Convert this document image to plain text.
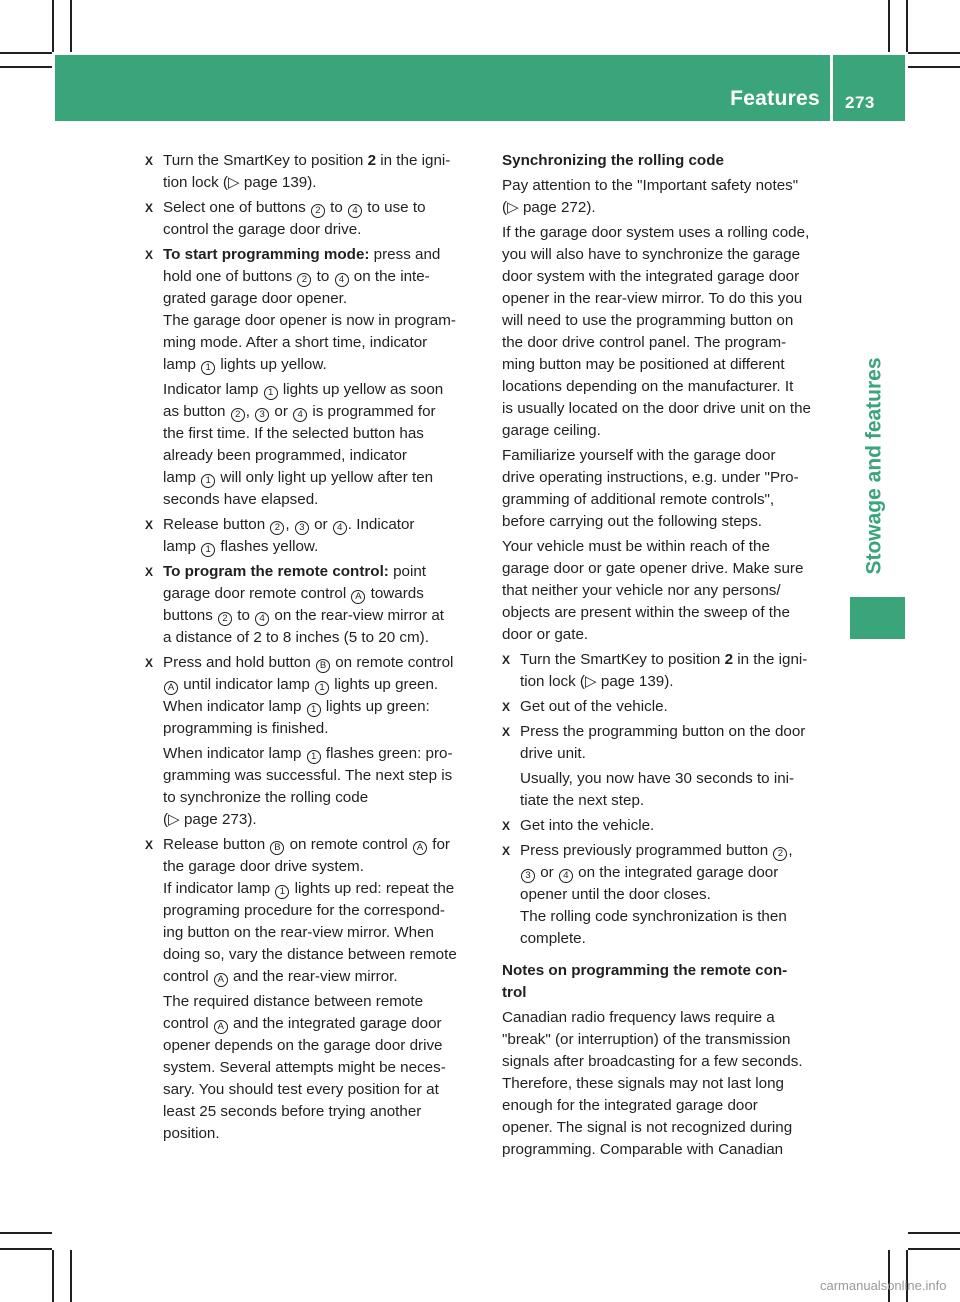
Features 273
Stowage and features
X Turn the SmartKey to position 2 in the igni-
tion lock (▷ page 139).
X Select one of buttons 2 to 4 to use to
control the garage door drive.
X To start programming mode: press and
hold one of buttons 2 to 4 on the inte-
grated garage door opener.
The garage door opener is now in program-
ming mode. After a short time, indicator
lamp 1 lights up yellow.
Indicator lamp 1 lights up yellow as soon
as button 2 , 3 or 4 is programmed for
the first time. If the selected button has
already been programmed, indicator
lamp 1 will only light up yellow after ten
seconds have elapsed.
X Release button 2 , 3 or 4 . Indicator
lamp 1 flashes yellow.
X To program the remote control: point
garage door remote control A towards
buttons 2 to 4 on the rear-view mirror at
a distance of 2 to 8 inches (5 to 20 cm).
X Press and hold button B on remote control
A until indicator lamp 1 lights up green.
When indicator lamp 1 lights up green:
programming is finished.
When indicator lamp 1 flashes green: pro-
gramming was successful. The next step is
to synchronize the rolling code
(▷ page 273).
X Release button B on remote control A for
the garage door drive system.
If indicator lamp 1 lights up red: repeat the
programing procedure for the correspond-
ing button on the rear-view mirror. When
doing so, vary the distance between remote
control A and the rear-view mirror.
The required distance between remote
control A and the integrated garage door
opener depends on the garage door drive
system. Several attempts might be neces-
sary. You should test every position for at
least 25 seconds before trying another
position.
Synchronizing the rolling code
Pay attention to the "Important safety notes"
(▷ page 272).
If the garage door system uses a rolling code,
you will also have to synchronize the garage
door system with the integrated garage door
opener in the rear-view mirror. To do this you
will need to use the programming button on
the door drive control panel. The program-
ming button may be positioned at different
locations depending on the manufacturer. It
is usually located on the door drive unit on the
garage ceiling.
Familiarize yourself with the garage door
drive operating instructions, e.g. under "Pro-
gramming of additional remote controls",
before carrying out the following steps.
Your vehicle must be within reach of the
garage door or gate opener drive. Make sure
that neither your vehicle nor any persons/
objects are present within the sweep of the
door or gate.
X Turn the SmartKey to position 2 in the igni-
tion lock (▷ page 139).
X Get out of the vehicle.
X Press the programming button on the door
drive unit.
Usually, you now have 30 seconds to ini-
tiate the next step.
X Get into the vehicle.
X Press previously programmed button 2 ,
3 or 4 on the integrated garage door
opener until the door closes.
The rolling code synchronization is then
complete.
Notes on programming the remote con-
trol
Canadian radio frequency laws require a
"break" (or interruption) of the transmission
signals after broadcasting for a few seconds.
Therefore, these signals may not last long
enough for the integrated garage door
opener. The signal is not recognized during
programming. Comparable with Canadian
carmanualsonline.info
